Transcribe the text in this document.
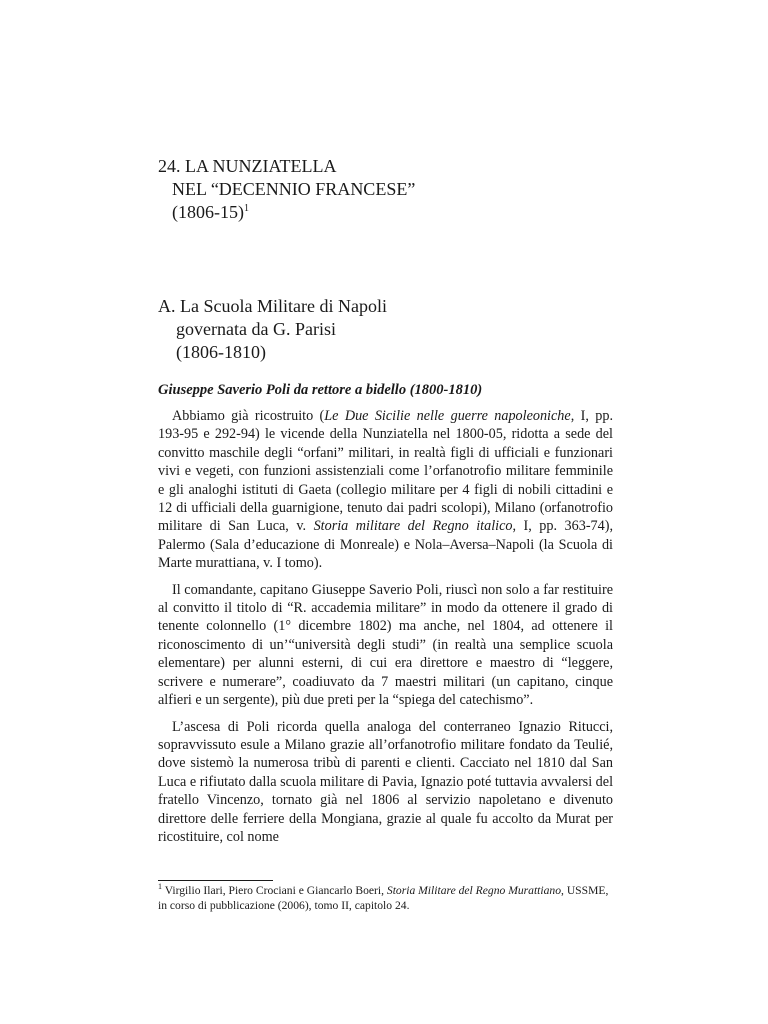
24. LA NUNZIATELLA
NEL “DECENNIO FRANCESE”
(1806-15)$^1$
A. La Scuola Militare di Napoli
governata da G. Parisi
(1806-1810)
Giuseppe Saverio Poli da rettore a bidello (1800-1810)

Abbiamo già ricostruito (Le Due Sicilie nelle guerre napoleoniche, I, pp. 193-95 e 292-94) le vicende della Nunziatella nel 1800-05, ridotta a sede del convitto maschile degli “orfani” militari, in realtà figli di ufficiali e funzionari vivi e vegeti, con funzioni assistenziali come l’orfanotrofio militare femminile e gli analoghi istituti di Gaeta (collegio militare per 4 figli di nobili cittadini e 12 di ufficiali della guarnigione, tenuto dai padri scolopi), Milano (orfanotrofio militare di San Luca, v. Storia militare del Regno italico, I, pp. 363-74), Palermo (Sala d’educazione di Monreale) e Nola–Aversa–Napoli (la Scuola di Marte murattiana, v. I tomo).

Il comandante, capitano Giuseppe Saverio Poli, riuscì non solo a far restituire al convitto il titolo di “R. accademia militare” in modo da ottenere il grado di tenente colonnello (1° dicembre 1802) ma anche, nel 1804, ad ottenere il riconoscimento di un’“università degli studi” (in realtà una semplice scuola elementare) per alunni esterni, di cui era direttore e maestro di “leggere, scrivere e numerare”, coadiuvato da 7 maestri militari (un capitano, cinque alfieri e un sergente), più due preti per la “spiega del catechismo”.

L’ascesa di Poli ricorda quella analoga del conterraneo Ignazio Ritucci, sopravvissuto esule a Milano grazie all’orfanotrofio militare fondato da Teulié, dove sistemò la numerosa tribù di parenti e clienti. Cacciato nel 1810 dal San Luca e rifiutato dalla scuola militare di Pavia, Ignazio poté tuttavia avvalersi del fratello Vincenzo, tornato già nel 1806 al servizio napoletano e divenuto direttore delle ferriere della Mongiana, grazie al quale fu accolto da Murat per ricostituire, col nome

$^1$ Virgilio Ilari, Piero Crociani e Giancarlo Boeri, Storia Militare del Regno Murattiano, USSME, in corso di pubblicazione (2006), tomo II, capitolo 24.
